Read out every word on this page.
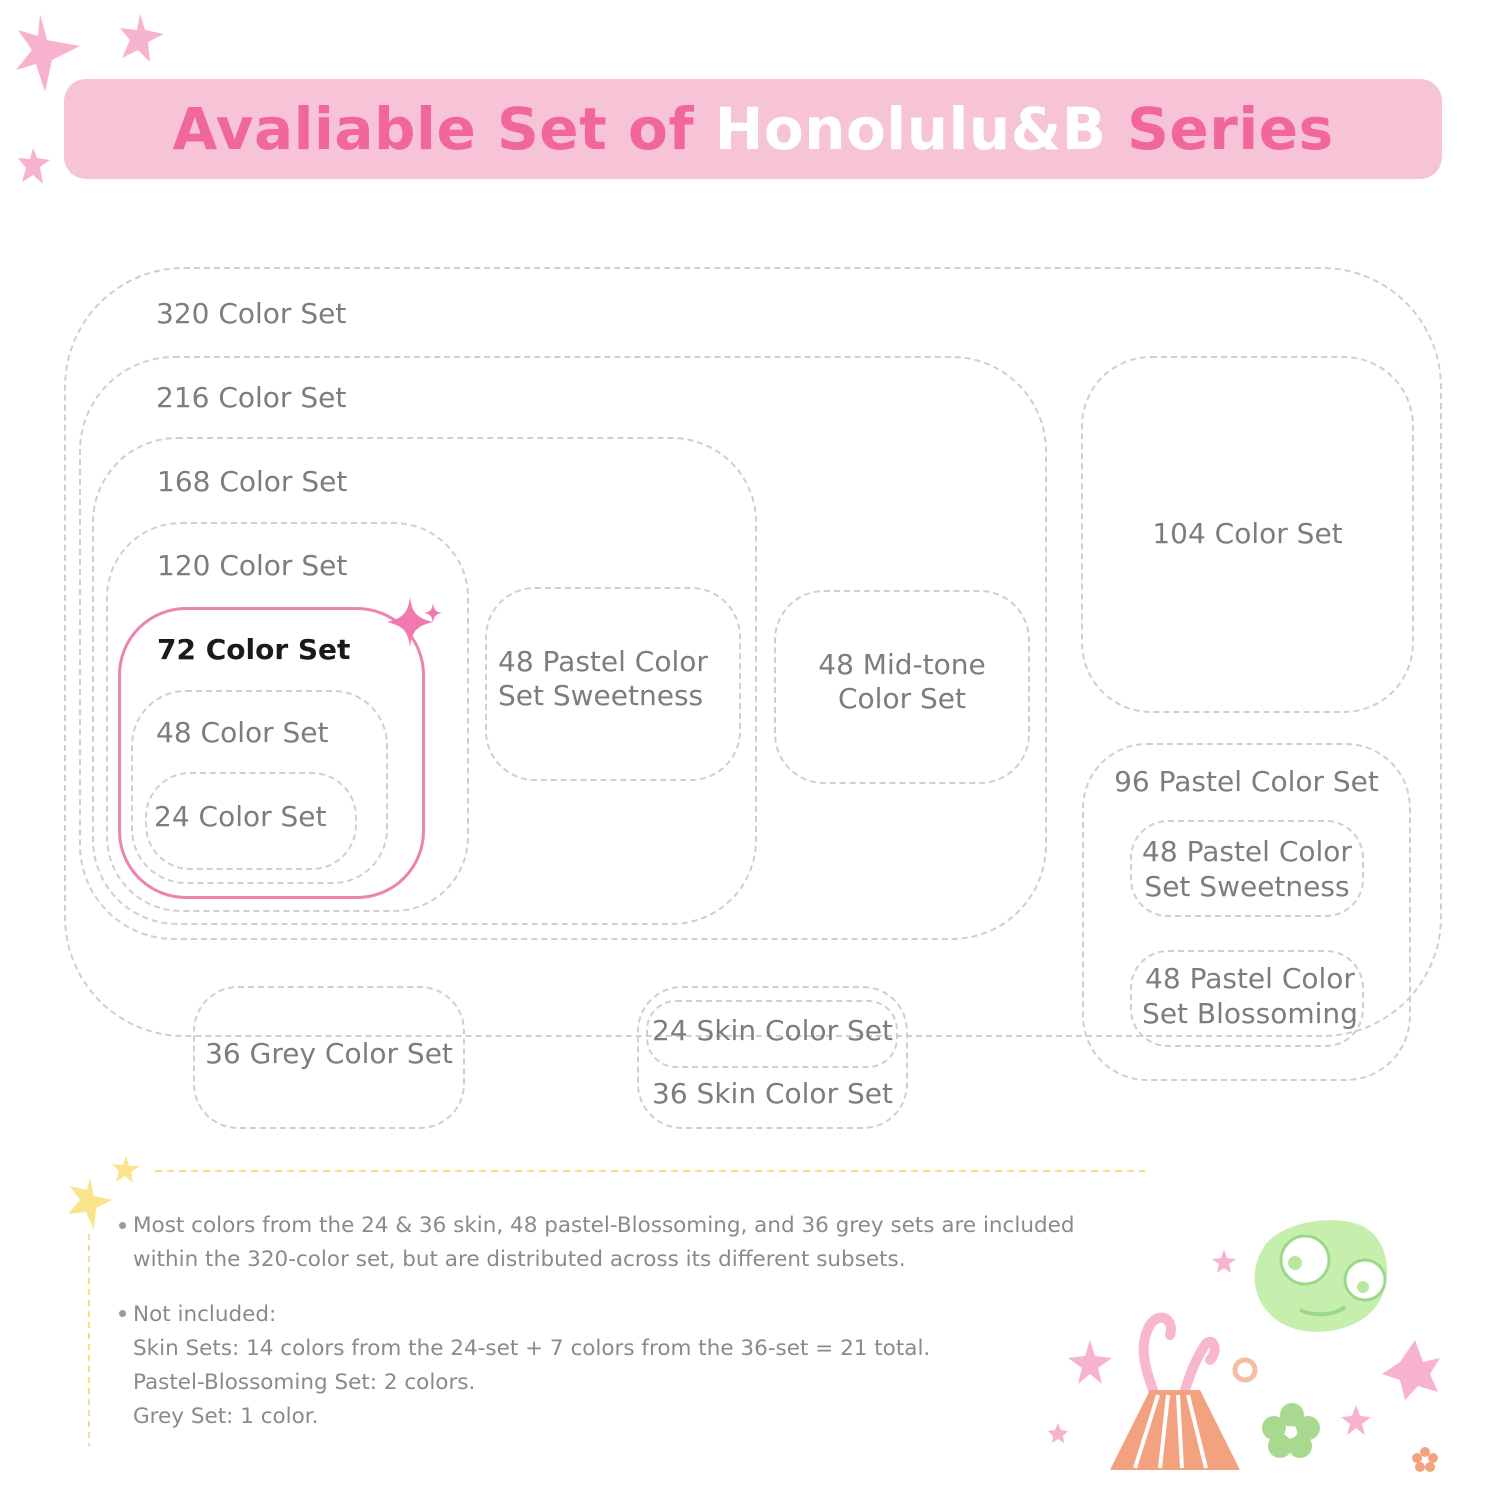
Avaliable Set of Honolulu&B Series
320 Color Set
216 Color Set
168 Color Set
120 Color Set
72 Color Set
48 Color Set
24 Color Set
48 Pastel Color Set Sweetness
48 Mid-tone Color Set
104 Color Set
96 Pastel Color Set
48 Pastel Color Set Sweetness
48 Pastel Color Set Blossoming
36 Grey Color Set
24 Skin Color Set
36 Skin Color Set
Most colors from the 24 & 36 skin, 48 pastel-Blossoming, and 36 grey sets are included
within the 320-color set, but are distributed across its different subsets.
Not included:
Skin Sets: 14 colors from the 24-set + 7 colors from the 36-set = 21 total.
Pastel-Blossoming Set: 2 colors.
Grey Set: 1 color.
